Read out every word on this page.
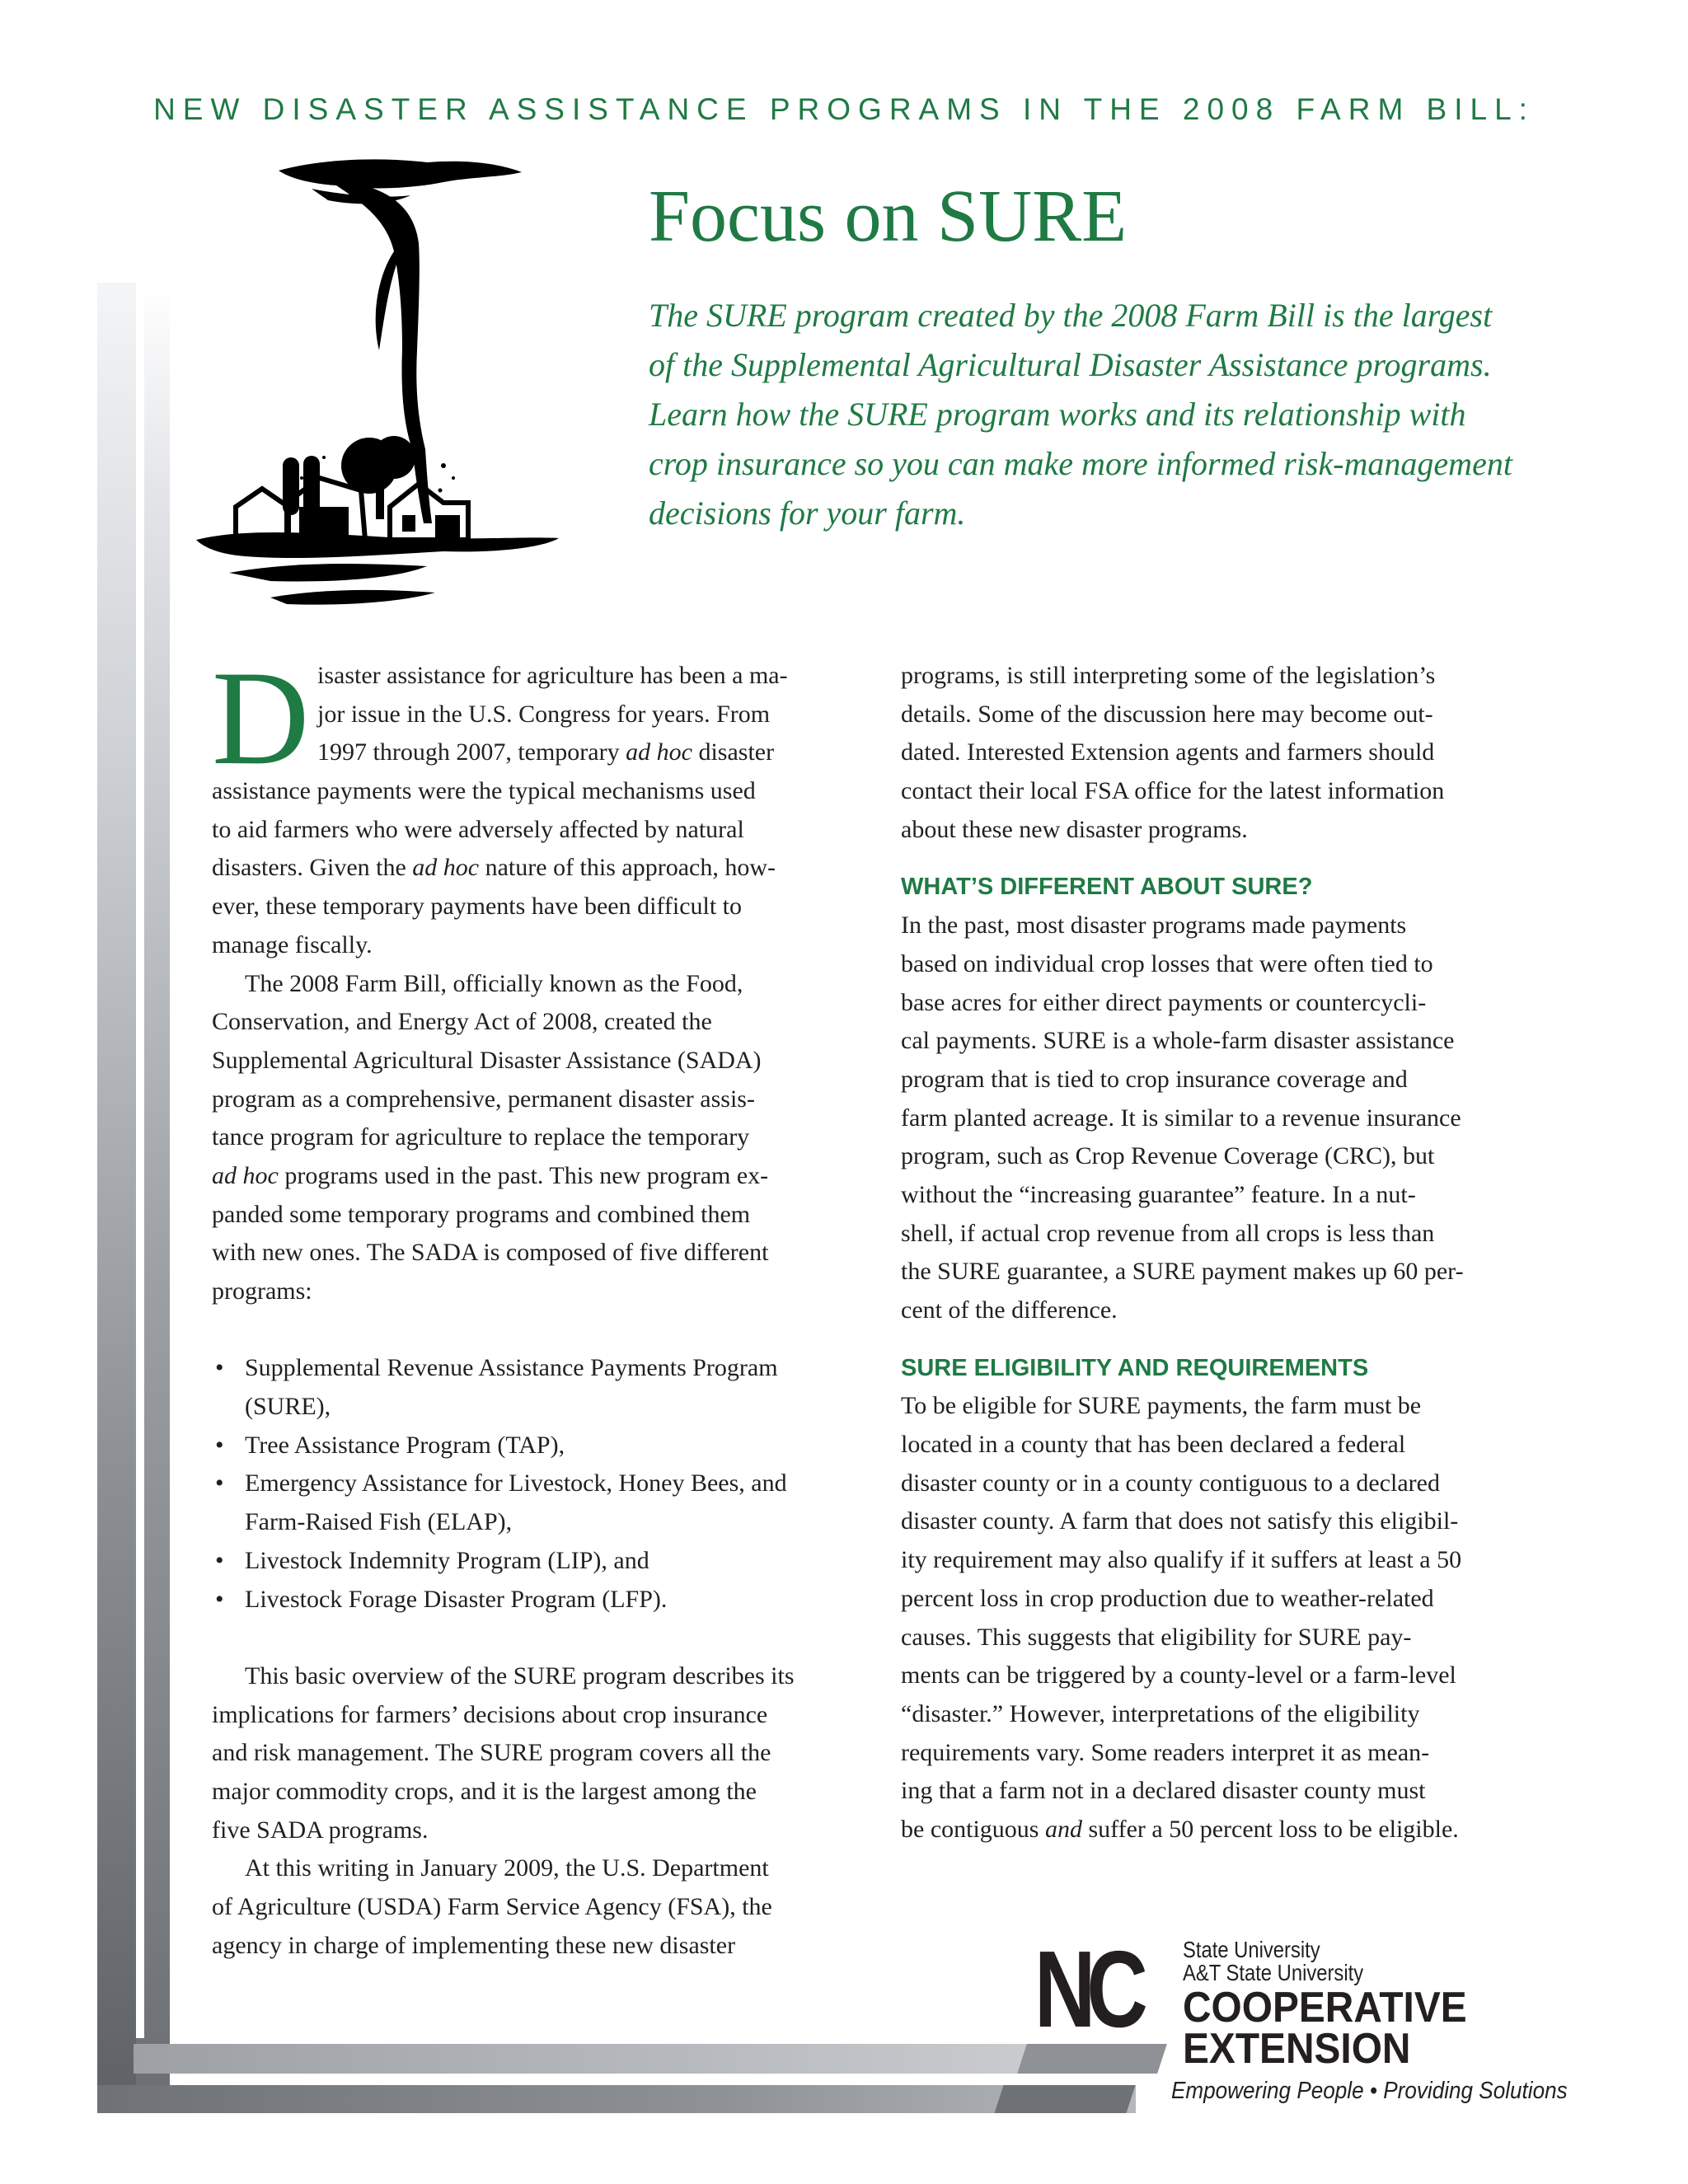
NEW DISASTER ASSISTANCE PROGRAMS IN THE 2008 FARM BILL:
Focus on SURE
The SURE program created by the 2008 Farm Bill is the largest
of the Supplemental Agricultural Disaster Assistance programs.
Learn how the SURE program works and its relationship with
crop insurance so you can make more informed risk-management
decisions for your farm.
D isaster assistance for agriculture has been a ma-
jor issue in the U.S. Congress for years. From
1997 through 2007, temporary ad hoc disaster
assistance payments were the typical mechanisms used
to aid farmers who were adversely affected by natural
disasters. Given the ad hoc nature of this approach, how-
ever, these temporary payments have been difficult to
manage fiscally.
The 2008 Farm Bill, officially known as the Food,
Conservation, and Energy Act of 2008, created the
Supplemental Agricultural Disaster Assistance (SADA)
program as a comprehensive, permanent disaster assis-
tance program for agriculture to replace the temporary
ad hoc programs used in the past. This new program ex-
panded some temporary programs and combined them
with new ones. The SADA is composed of five different
programs:
• Supplemental Revenue Assistance Payments Program
(SURE),
• Tree Assistance Program (TAP),
• Emergency Assistance for Livestock, Honey Bees, and
Farm-Raised Fish (ELAP),
• Livestock Indemnity Program (LIP), and
• Livestock Forage Disaster Program (LFP).
This basic overview of the SURE program describes its
implications for farmers’ decisions about crop insurance
and risk management. The SURE program covers all the
major commodity crops, and it is the largest among the
five SADA programs.
At this writing in January 2009, the U.S. Department
of Agriculture (USDA) Farm Service Agency (FSA), the
agency in charge of implementing these new disaster
programs, is still interpreting some of the legislation’s
details. Some of the discussion here may become out-
dated. Interested Extension agents and farmers should
contact their local FSA office for the latest information
about these new disaster programs.
WHAT’S DIFFERENT ABOUT SURE?
In the past, most disaster programs made payments
based on individual crop losses that were often tied to
base acres for either direct payments or countercycli-
cal payments. SURE is a whole-farm disaster assistance
program that is tied to crop insurance coverage and
farm planted acreage. It is similar to a revenue insurance
program, such as Crop Revenue Coverage (CRC), but
without the “increasing guarantee” feature. In a nut-
shell, if actual crop revenue from all crops is less than
the SURE guarantee, a SURE payment makes up 60 per-
cent of the difference.
SURE ELIGIBILITY AND REQUIREMENTS
To be eligible for SURE payments, the farm must be
located in a county that has been declared a federal
disaster county or in a county contiguous to a declared
disaster county. A farm that does not satisfy this eligibil-
ity requirement may also qualify if it suffers at least a 50
percent loss in crop production due to weather-related
causes. This suggests that eligibility for SURE pay-
ments can be triggered by a county-level or a farm-level
“disaster.” However, interpretations of the eligibility
requirements vary. Some readers interpret it as mean-
ing that a farm not in a declared disaster county must
be contiguous and suffer a 50 percent loss to be eligible.
NC State University
A&T State University
COOPERATIVE
EXTENSION
Empowering People • Providing Solutions
